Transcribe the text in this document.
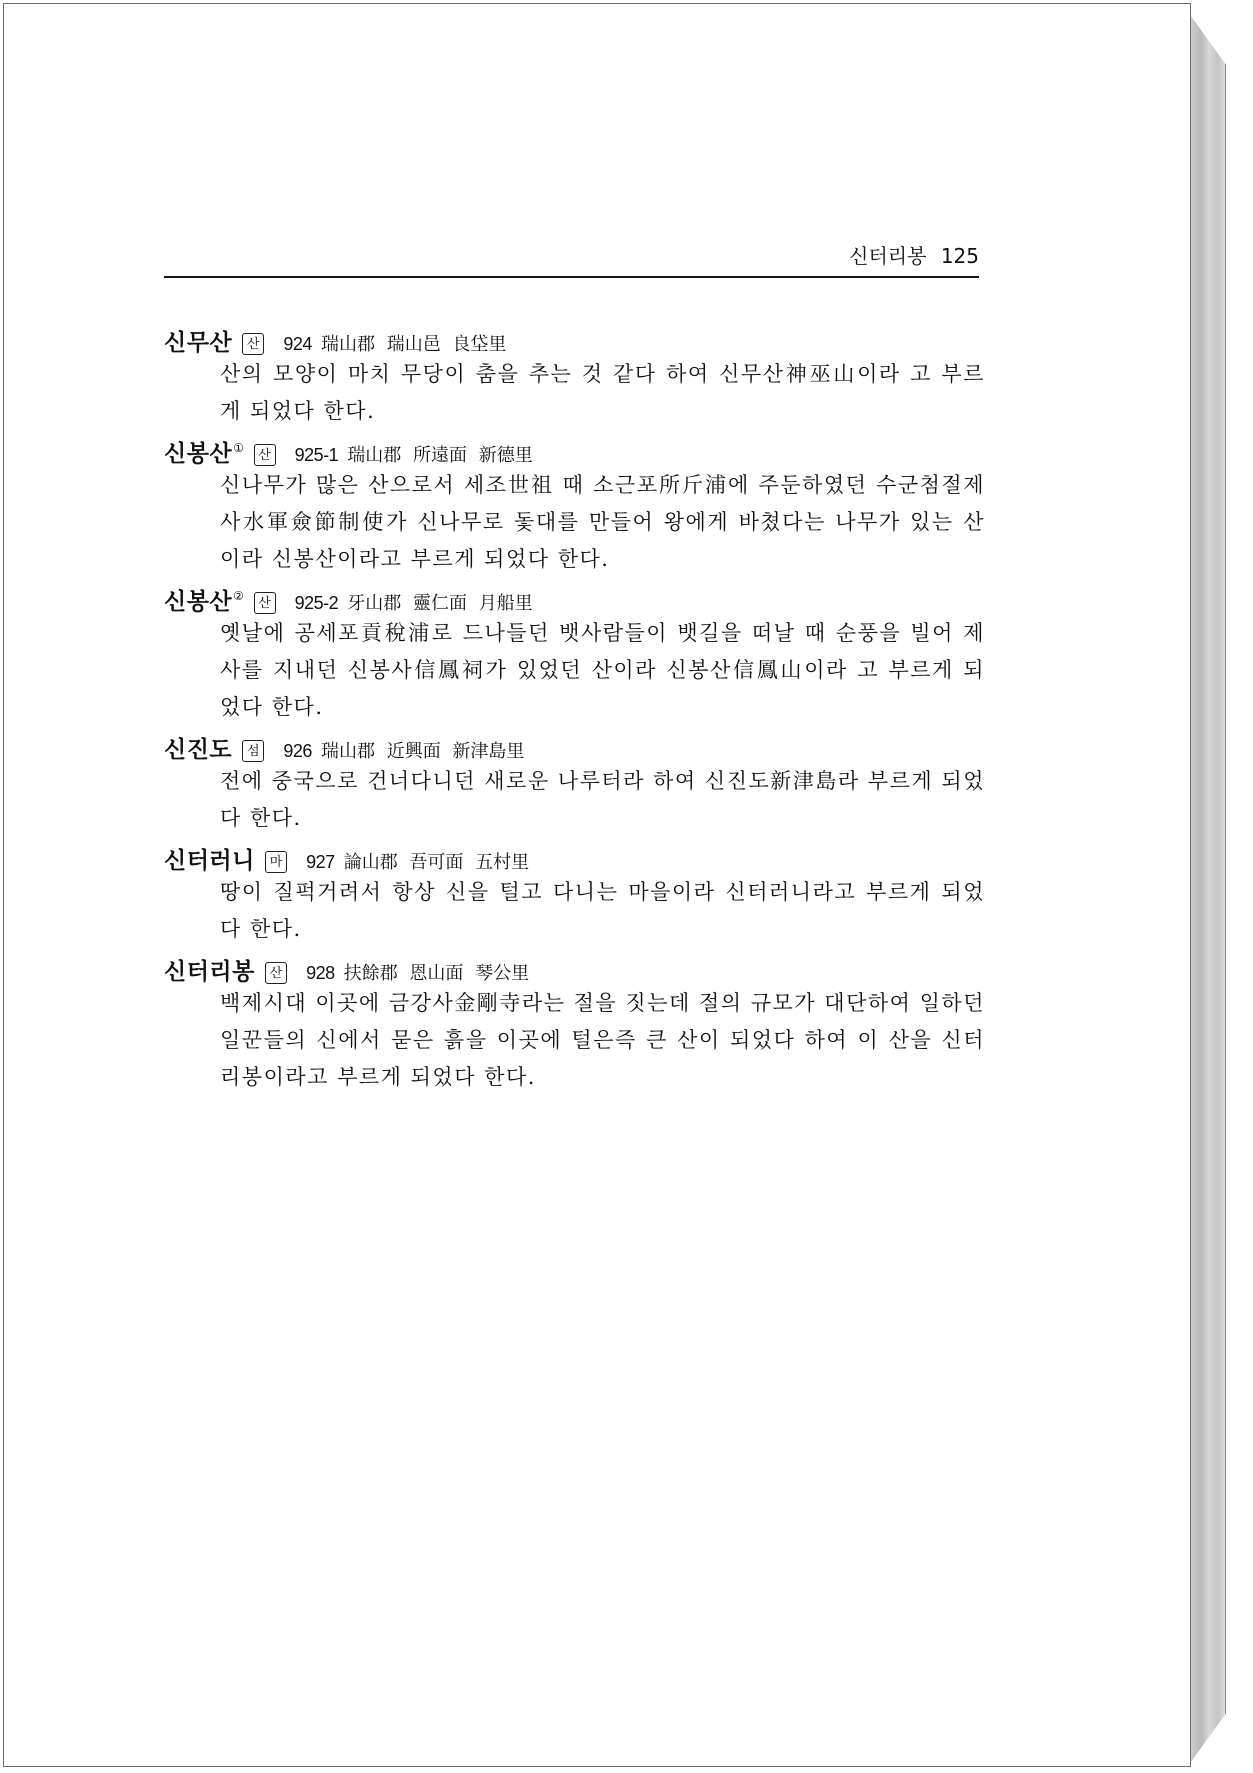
신터리봉 125
신무산 산 924 瑞山郡 瑞山邑 良垈里
산의 모양이 마치 무당이 춤을 추는 것 같다 하여 신무산神巫山이라 고 부르게 되었다 한다.
신봉산① 산 925-1 瑞山郡 所遠面 新德里
신나무가 많은 산으로서 세조世祖 때 소근포所斤浦에 주둔하였던 수군첨절제사水軍僉節制使가 신나무로 돛대를 만들어 왕에게 바쳤다는 나무가 있는 산이라 신봉산이라고 부르게 되었다 한다.
신봉산② 산 925-2 牙山郡 靈仁面 月船里
옛날에 공세포貢稅浦로 드나들던 뱃사람들이 뱃길을 떠날 때 순풍을 빌어 제사를 지내던 신봉사信鳳祠가 있었던 산이라 신봉산信鳳山이라 고 부르게 되었다 한다.
신진도 섬 926 瑞山郡 近興面 新津島里
전에 중국으로 건너다니던 새로운 나루터라 하여 신진도新津島라 부르게 되었다 한다.
신터러니 마 927 論山郡 吾可面 五村里
땅이 질퍽거려서 항상 신을 털고 다니는 마을이라 신터러니라고 부르게 되었다 한다.
신터리봉 산 928 扶餘郡 恩山面 琴公里
백제시대 이곳에 금강사金剛寺라는 절을 짓는데 절의 규모가 대단하여 일하던 일꾼들의 신에서 묻은 흙을 이곳에 털은즉 큰 산이 되었다 하여 이 산을 신터리봉이라고 부르게 되었다 한다.
